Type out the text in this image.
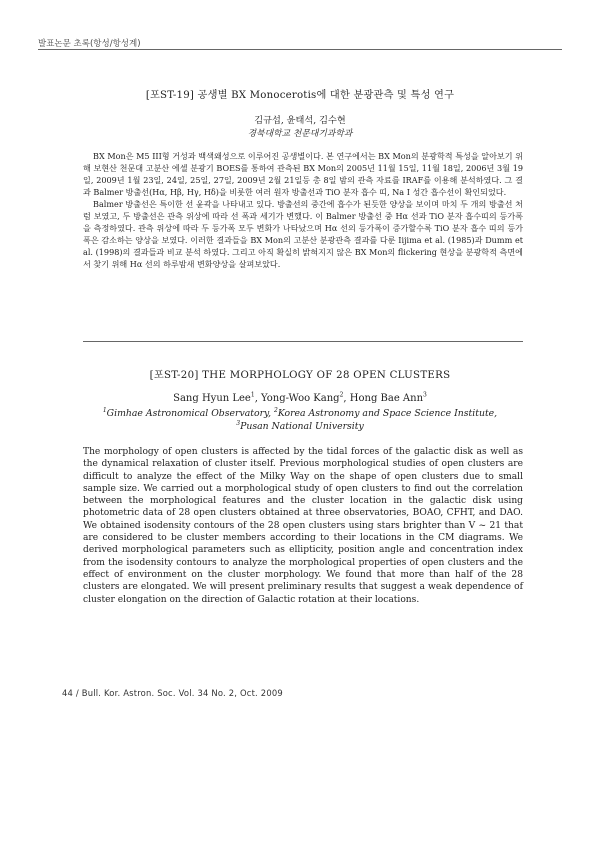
발표논문 초록(항성/항성계)
[포ST-19] 공생별 BX Monocerotis에 대한 분광관측 및 특성 연구
김규섭, 윤태석, 김수현
경북대학교 천문대기과학과

BX Mon은 M5 III형 거성과 백색왜성으로 이루어진 공생별이다. 본 연구에서는 BX Mon의 분광학적 특성을 알아보기 위해 보현산 천문대 고분산 에셀 분광기 BOES를 통하여 관측된 BX Mon의 2005년 11월 15일, 11월 18일, 2006년 3월 19일, 2009년 1월 23일, 24일, 25일, 27일, 2009년 2월 21일등 총 8일 밤의 관측 자료를 IRAF를 이용해 분석하였다. 그 결과 Balmer 방출선(Hα, Hβ, Hγ, Hδ)을 비롯한 여러 원자 방출선과 TiO 분자 흡수 띠, Na I 성간 흡수선이 확인되었다.

Balmer 방출선은 특이한 선 윤곽을 나타내고 있다. 방출선의 중간에 흡수가 된듯한 양상을 보이며 마치 두 개의 방출선 처럼 보였고, 두 방출선은 관측 위상에 따라 선 폭과 세기가 변했다. 이 Balmer 방출선 중 Hα 선과 TiO 분자 흡수띠의 등가폭을 측정하였다. 관측 위상에 따라 두 등가폭 모두 변화가 나타났으며 Hα 선의 등가폭이 증가할수록 TiO 분자 흡수 띠의 등가폭은 감소하는 양상을 보였다. 이러한 결과들을 BX Mon의 고분산 분광관측 결과를 다룬 Iijima et al. (1985)과 Dumm et al. (1998)의 결과들과 비교 분석 하였다. 그리고 아직 확실히 밝혀지지 않은 BX Mon의 flickering 현상을 분광학적 측면에서 찾기 위해 Hα 선의 하루밤새 변화양상을 살펴보았다.

[포ST-20] THE MORPHOLOGY OF 28 OPEN CLUSTERS
Sang Hyun Lee$^1$, Yong-Woo Kang$^2$, Hong Bae Ann$^3$
$^1$Gimhae Astronomical Observatory, $^2$Korea Astronomy and Space Science Institute,
$^3$Pusan National University

The morphology of open clusters is affected by the tidal forces of the galactic disk as well as the dynamical relaxation of cluster itself. Previous morphological studies of open clusters are difficult to analyze the effect of the Milky Way on the shape of open clusters due to small sample size. We carried out a morphological study of open clusters to find out the correlation between the morphological features and the cluster location in the galactic disk using photometric data of 28 open clusters obtained at three observatories, BOAO, CFHT, and DAO. We obtained isodensity contours of the 28 open clusters using stars brighter than V ~ 21 that are considered to be cluster members according to their locations in the CM diagrams. We derived morphological parameters such as ellipticity, position angle and concentration index from the isodensity contours to analyze the morphological properties of open clusters and the effect of environment on the cluster morphology. We found that more than half of the 28 clusters are elongated. We will present preliminary results that suggest a weak dependence of cluster elongation on the direction of Galactic rotation at their locations.

44 / Bull. Kor. Astron. Soc. Vol. 34 No. 2, Oct. 2009
